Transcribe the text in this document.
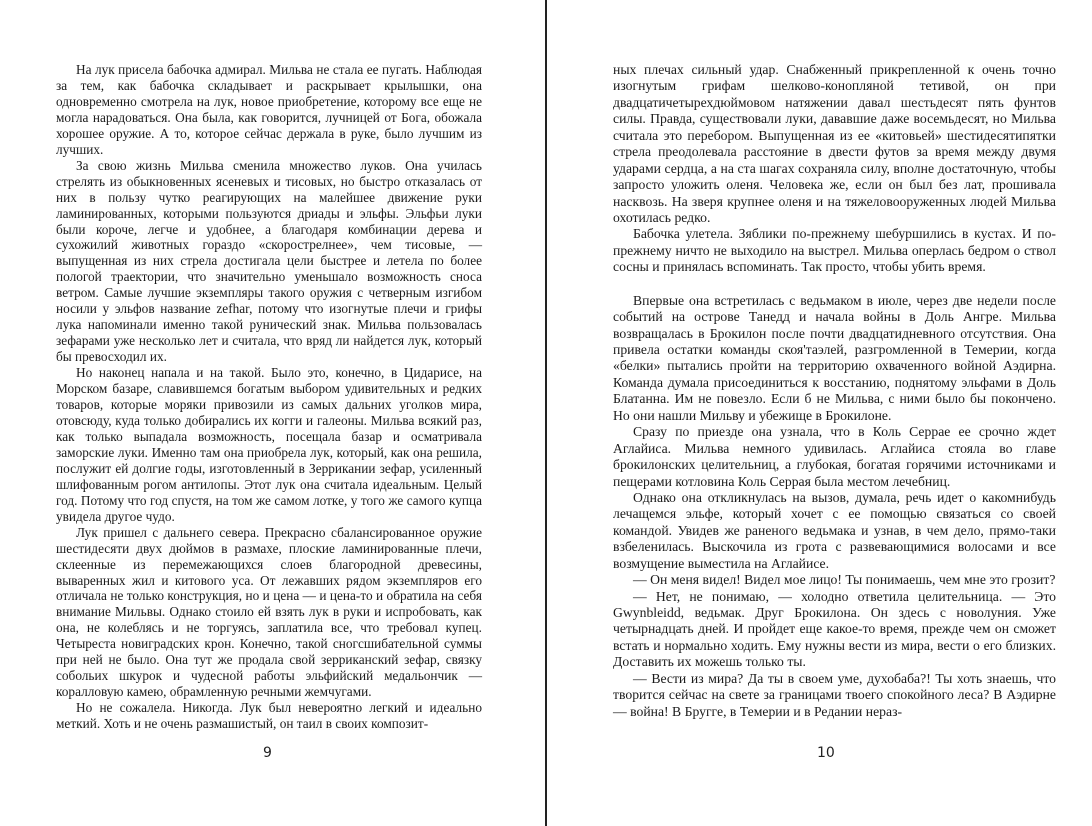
На лук присела бабочка адмирал. Мильва не стала ее пугать. Наблюдая за тем, как бабочка складывает и раскрывает крылышки, она одновременно смотрела на лук, новое приобретение, которому все еще не могла нарадоваться. Она была, как говорится, лучницей от Бога, обожала хорошее оружие. А то, которое сейчас держала в руке, было лучшим из лучших.

За свою жизнь Мильва сменила множество луков. Она училась стрелять из обыкновенных ясеневых и тисовых, но быстро отказалась от них в пользу чутко реагирующих на малейшее движение руки ламинированных, которыми пользуются дриады и эльфы. Эльфьи луки были короче, легче и удобнее, а благодаря комбинации дерева и сухожилий животных гораздо «скорострелнее», чем тисовые, — выпущенная из них стрела достигала цели быстрее и летела по более пологой траектории, что значительно уменьшало возможность сноса ветром. Самые лучшие экземпляры такого оружия с четверным изгибом носили у эльфов название zefhar, потому что изогнутые плечи и грифы лука напоминали именно такой рунический знак. Мильва пользовалась зефарами уже несколько лет и считала, что вряд ли найдется лук, который бы превосходил их.

Но наконец напала и на такой. Было это, конечно, в Цидарисе, на Морском базаре, славившемся богатым выбором удивительных и редких товаров, которые моряки привозили из самых дальних уголков мира, отовсюду, куда только добирались их когги и галеоны. Мильва всякий раз, как только выпадала возможность, посещала базар и осматривала заморские луки. Именно там она приобрела лук, который, как она решила, послужит ей долгие годы, изготовленный в Зеррикании зефар, усиленный шлифованным рогом антилопы. Этот лук она считала идеальным. Целый год. Потому что год спустя, на том же самом лотке, у того же самого купца увидела другое чудо.

Лук пришел с дальнего севера. Прекрасно сбалансированное оружие шестидесяти двух дюймов в размахе, плоские ламинированные плечи, склеенные из перемежающихся слоев благородной древесины, вываренных жил и китового уса. От лежавших рядом экземпляров его отличала не только конструкция, но и цена — и цена-то и обратила на себя внимание Мильвы. Однако стоило ей взять лук в руки и испробовать, как она, не колеблясь и не торгуясь, заплатила все, что требовал купец. Четыреста новиградских крон. Конечно, такой сногсшибательной суммы при ней не было. Она тут же продала свой зерриканский зефар, связку собольих шкурок и чудесной работы эльфийский медальончик — коралловую камею, обрамленную речными жемчугами.

Но не сожалела. Никогда. Лук был невероятно легкий и идеально меткий. Хоть и не очень размашистый, он таил в своих композит-

9

ных плечах сильный удар. Снабженный прикрепленной к очень точно изогнутым грифам шелково-конопляной тетивой, он при двадцатичетырехдюймовом натяжении давал шестьдесят пять фунтов силы. Правда, существовали луки, дававшие даже восемьдесят, но Мильва считала это перебором. Выпущенная из ее «китовьей» шестидесятипятки стрела преодолевала расстояние в двести футов за время между двумя ударами сердца, а на ста шагах сохраняла силу, вполне достаточную, чтобы запросто уложить оленя. Человека же, если он был без лат, прошивала насквозь. На зверя крупнее оленя и на тяжеловооруженных людей Мильва охотилась редко.

Бабочка улетела. Зяблики по-прежнему шебуршились в кустах. И по-прежнему ничто не выходило на выстрел. Мильва оперлась бедром о ствол сосны и принялась вспоминать. Так просто, чтобы убить время.

Впервые она встретилась с ведьмаком в июле, через две недели после событий на острове Танедд и начала войны в Доль Ангре. Мильва возвращалась в Брокилон после почти двадцатидневного отсутствия. Она привела остатки команды скоя'таэлей, разгромленной в Темерии, когда «белки» пытались пройти на территорию охваченного войной Аэдирна. Команда думала присоединиться к восстанию, поднятому эльфами в Доль Блатанна. Им не повезло. Если б не Мильва, с ними было бы покончено. Но они нашли Мильву и убежище в Брокилоне.

Сразу по приезде она узнала, что в Коль Серрае ее срочно ждет Аглайиса. Мильва немного удивилась. Аглайиса стояла во главе брокилонских целительниц, а глубокая, богатая горячими источниками и пещерами котловина Коль Серрая была местом лечебниц.

Однако она откликнулась на вызов, думала, речь идет о какомнибудь лечащемся эльфе, который хочет с ее помощью связаться со своей командой. Увидев же раненого ведьмака и узнав, в чем дело, прямо-таки взбеленилась. Выскочила из грота с развевающимися волосами и все возмущение выместила на Аглайисе.

— Он меня видел! Видел мое лицо! Ты понимаешь, чем мне это грозит?

— Нет, не понимаю, — холодно ответила целительница. — Это Gwynbleidd, ведьмак. Друг Брокилона. Он здесь с новолуния. Уже четырнадцать дней. И пройдет еще какое-то время, прежде чем он сможет встать и нормально ходить. Ему нужны вести из мира, вести о его близких. Доставить их можешь только ты.

— Вести из мира? Да ты в своем уме, духобаба?! Ты хоть знаешь, что творится сейчас на свете за границами твоего спокойного леса? В Аэдирне — война! В Бругге, в Темерии и в Редании нераз-

10
